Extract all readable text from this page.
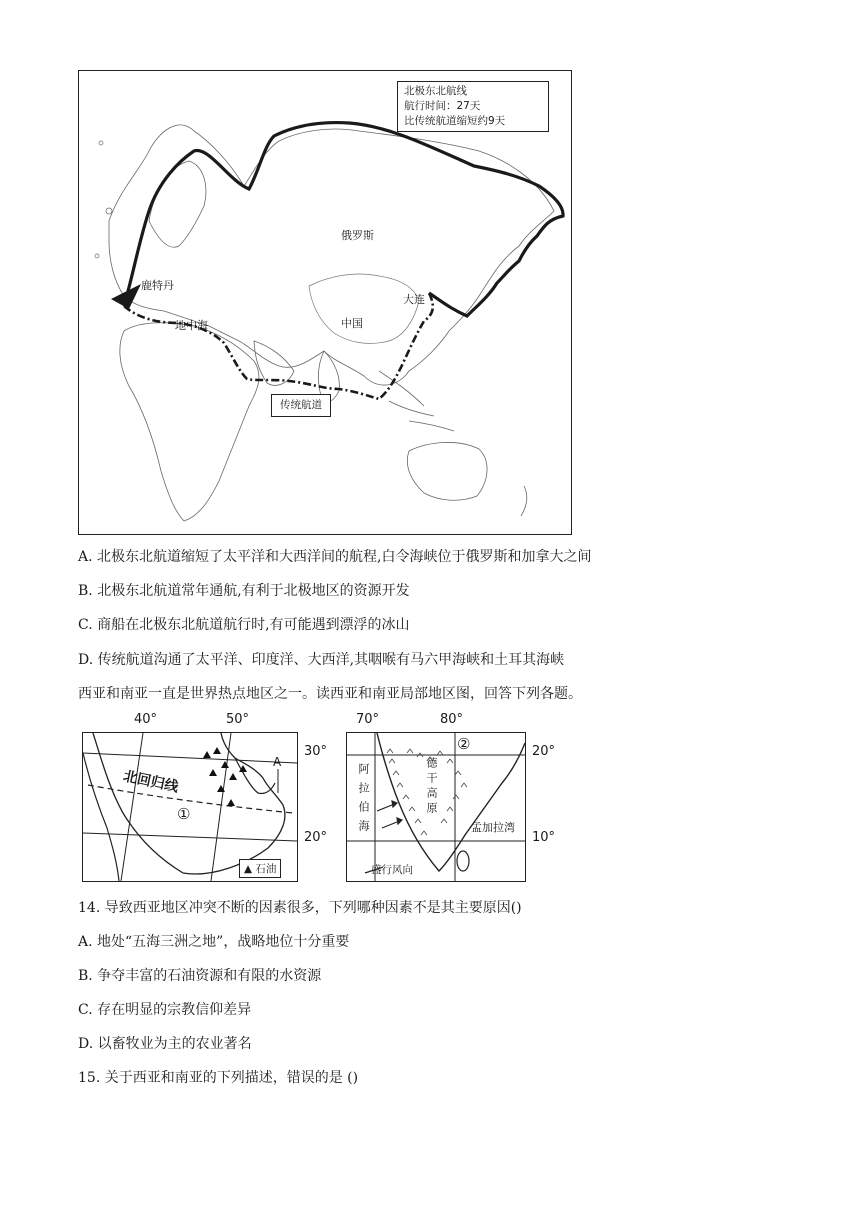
北极东北航线
航行时间：27天
比传统航道缩短约9天
俄罗斯
中国
大连
鹿特丹
地中海
传统航道
A. 北极东北航道缩短了太平洋和大西洋间的航程,白令海峡位于俄罗斯和加拿大之间
B. 北极东北航道常年通航,有利于北极地区的资源开发
C. 商船在北极东北航道航行时,有可能遇到漂浮的冰山
D. 传统航道沟通了太平洋、印度洋、大西洋,其咽喉有马六甲海峡和土耳其海峡
西亚和南亚一直是世界热点地区之一。读西亚和南亚局部地区图，回答下列各题。
40°	50°
北回归线
①
A
▲ 石油
30°
20°
70°	80°
②
阿拉伯海	德干高原
孟加拉湾
盛行风向
20°
10°
14. 导致西亚地区冲突不断的因素很多，下列哪种因素不是其主要原因()
A. 地处“五海三洲之地”，战略地位十分重要
B. 争夺丰富的石油资源和有限的水资源
C. 存在明显的宗教信仰差异
D. 以畜牧业为主的农业著名
15. 关于西亚和南亚的下列描述，错误的是 ()
